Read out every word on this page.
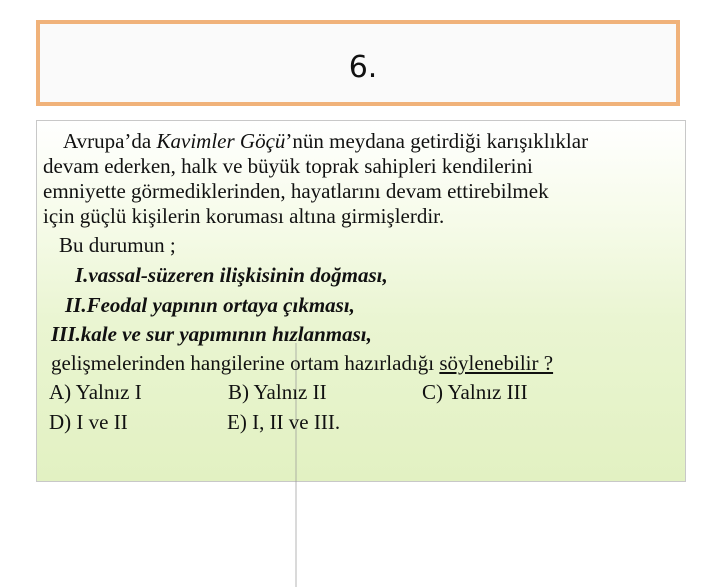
6.
Avrupa’da Kavimler Göçü’nün meydana getirdiği karışıklıklar
devam ederken, halk ve büyük toprak sahipleri kendilerini
emniyette görmediklerinden, hayatlarını devam ettirebilmek
için güçlü kişilerin koruması altına girmişlerdir.
Bu durumun ;
I.vassal-süzeren ilişkisinin doğması,
II.Feodal yapının ortaya çıkması,
III.kale ve sur yapımının hızlanması,
gelişmelerinden hangilerine ortam hazırladığı söylenebilir ?
A) Yalnız I	B) Yalnız II	C) Yalnız III
D) I ve II	E) I, II ve III.
